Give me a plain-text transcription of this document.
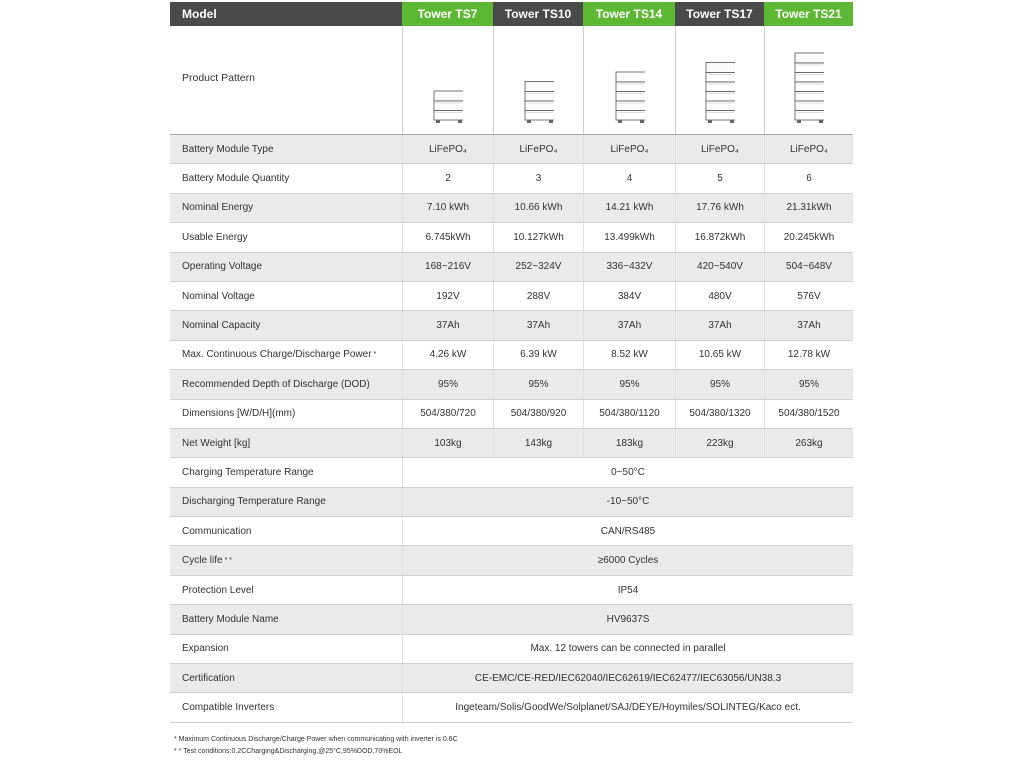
Model	Tower TS7	Tower TS10	Tower TS14	Tower TS17	Tower TS21
Product Pattern
Battery Module Type	LiFePO₄	LiFePO₄	LiFePO₄	LiFePO₄	LiFePO₄
Battery Module Quantity	2	3	4	5	6
Nominal Energy	7.10 kWh	10.66 kWh	14.21 kWh	17.76 kWh	21.31kWh
Usable Energy	6.745kWh	10.127kWh	13.499kWh	16.872kWh	20.245kWh
Operating Voltage	168~216V	252~324V	336~432V	420~540V	504~648V
Nominal Voltage	192V	288V	384V	480V	576V
Nominal Capacity	37Ah	37Ah	37Ah	37Ah	37Ah
Max. Continuous Charge/Discharge Power *	4.26 kW	6.39 kW	8.52 kW	10.65 kW	12.78 kW
Recommended Depth of Discharge (DOD)	95%	95%	95%	95%	95%
Dimensions [W/D/H](mm)	504/380/720	504/380/920	504/380/1120	504/380/1320	504/380/1520
Net Weight [kg]	103kg	143kg	183kg	223kg	263kg
Charging Temperature Range	0~50°C
Discharging Temperature Range	-10~50°C
Communication	CAN/RS485
Cycle life * *	≥6000 Cycles
Protection Level	IP54
Battery Module Name	HV9637S
Expansion	Max. 12 towers can be connected in parallel
Certification	CE-EMC/CE-RED/IEC62040/IEC62619/IEC62477/IEC63056/UN38.3
Compatible Inverters	Ingeteam/Solis/GoodWe/Solplanet/SAJ/DEYE/Hoymiles/SOLINTEG/Kaco ect.
* Maximum Continuous Discharge/Charge Power when communicating with inverter is 0.6C
* * Test conditions:0.2CCharging&Discharging,@25°C,95%DOD,70%EOL
